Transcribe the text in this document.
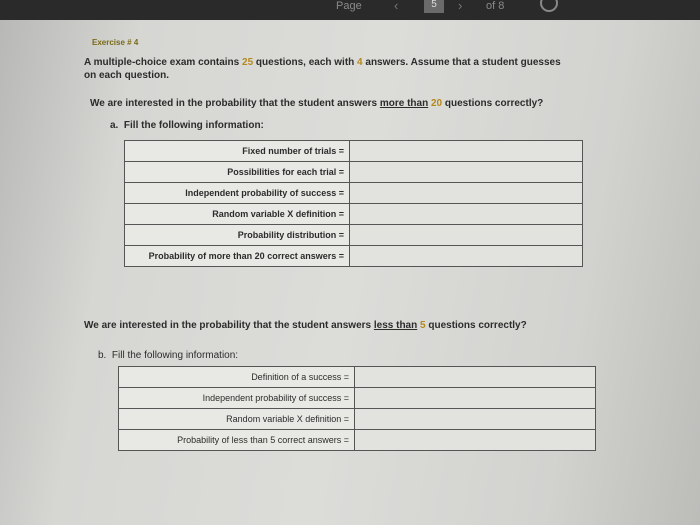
Page ‹	5	› of 8
Exercise # 4
A multiple-choice exam contains 25 questions, each with 4 answers. Assume that a student guesses on each question.
We are interested in the probability that the student answers more than 20 questions correctly?
a. Fill the following information:
Fixed number of trials =	
Possibilities for each trial =	
Independent probability of success =	
Random variable X definition =	
Probability distribution =	
Probability of more than 20 correct answers =	
We are interested in the probability that the student answers less than 5 questions correctly?
b. Fill the following information:
Definition of a success =	
Independent probability of success =	
Random variable X definition =	
Probability of less than 5 correct answers =	
